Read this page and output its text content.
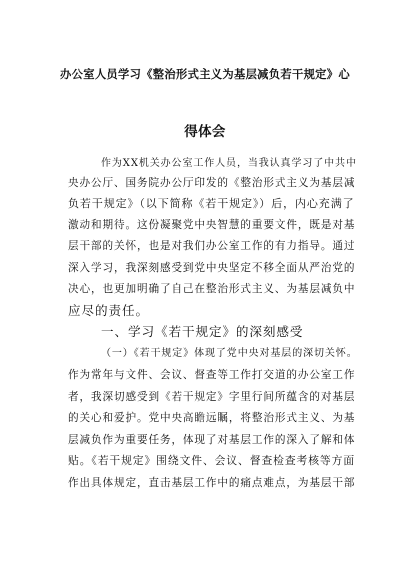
办公室人员学习《整治形式主义为基层减负若干规定》心
得体会
作为XX机关办公室工作人员，当我认真学习了中共中
央办公厅、国务院办公厅印发的《整治形式主义为基层减
负若干规定》（以下简称《若干规定》）后，内心充满了
激动和期待。这份凝聚党中央智慧的重要文件，既是对基
层干部的关怀，也是对我们办公室工作的有力指导。通过
深入学习，我深刻感受到党中央坚定不移全面从严治党的
决心，也更加明确了自己在整治形式主义、为基层减负中
应尽的责任。
一、学习《若干规定》的深刻感受
（一）《若干规定》体现了党中央对基层的深切关怀。
作为常年与文件、会议、督查等工作打交道的办公室工作
者，我深切感受到《若干规定》字里行间所蕴含的对基层
的关心和爱护。党中央高瞻远瞩，将整治形式主义、为基
层减负作为重要任务，体现了对基层工作的深入了解和体
贴。《若干规定》围绕文件、会议、督查检查考核等方面
作出具体规定，直击基层工作中的痛点难点，为基层干部
